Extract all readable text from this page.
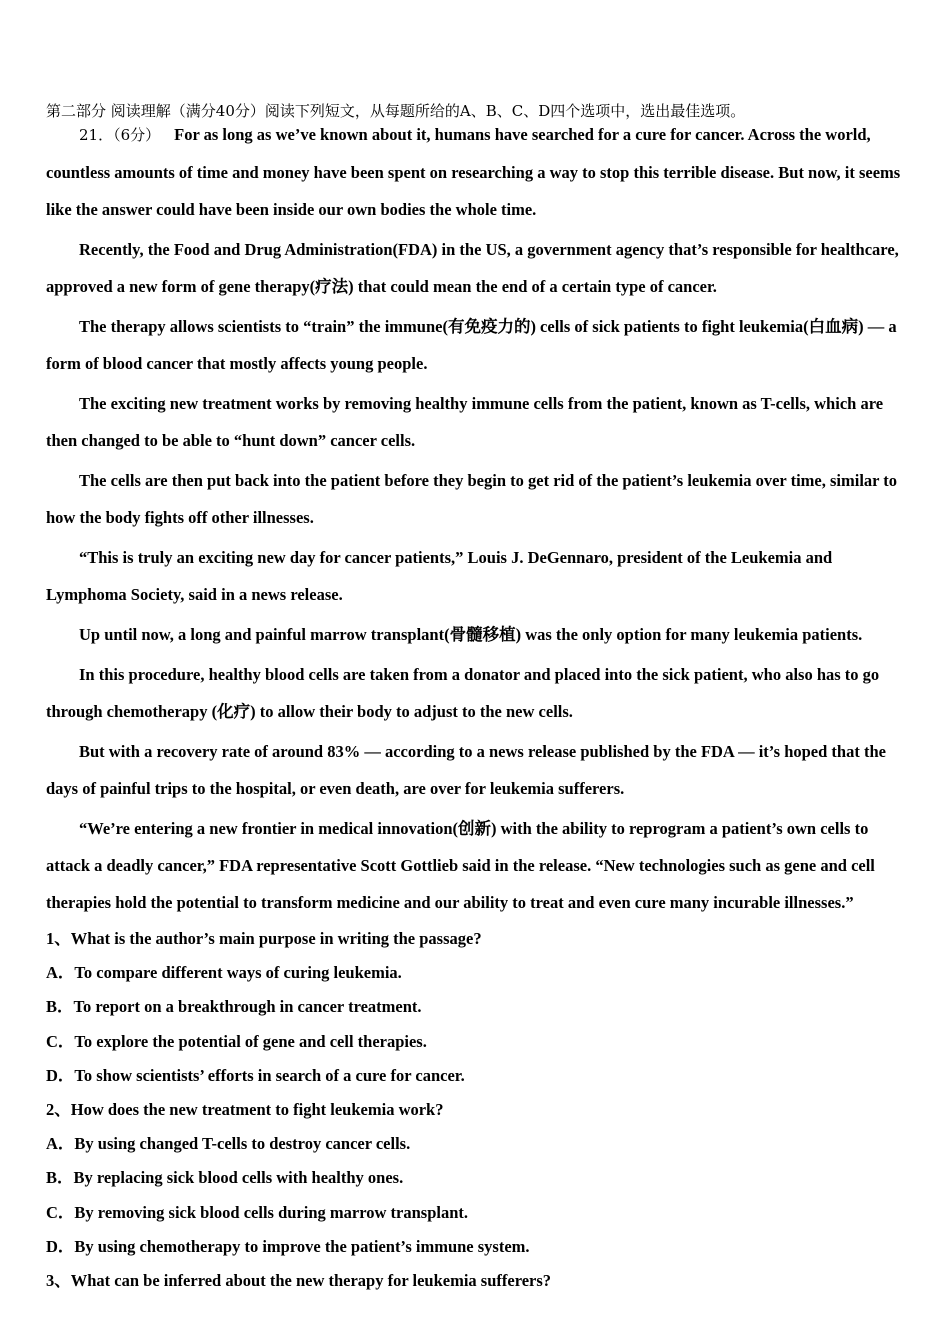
第二部分 阅读理解（满分40分）阅读下列短文，从每题所给的A、B、C、D四个选项中，选出最佳选项。

21．（6分） For as long as we’ve known about it, humans have searched for a cure for cancer. Across the world, countless amounts of time and money have been spent on researching a way to stop this terrible disease. But now, it seems like the answer could have been inside our own bodies the whole time.

Recently, the Food and Drug Administration(FDA) in the US, a government agency that’s responsible for healthcare, approved a new form of gene therapy(疗法) that could mean the end of a certain type of cancer.

The therapy allows scientists to “train” the immune(有免疫力的) cells of sick patients to fight leukemia(白血病) — a form of blood cancer that mostly affects young people.

The exciting new treatment works by removing healthy immune cells from the patient, known as T-cells, which are then changed to be able to “hunt down” cancer cells.

The cells are then put back into the patient before they begin to get rid of the patient’s leukemia over time, similar to how the body fights off other illnesses.

“This is truly an exciting new day for cancer patients,” Louis J. DeGennaro, president of the Leukemia and Lymphoma Society, said in a news release.

Up until now, a long and painful marrow transplant(骨髓移植) was the only option for many leukemia patients.

In this procedure, healthy blood cells are taken from a donator and placed into the sick patient, who also has to go through chemotherapy (化疗) to allow their body to adjust to the new cells.

But with a recovery rate of around 83% — according to a news release published by the FDA — it’s hoped that the days of painful trips to the hospital, or even death, are over for leukemia sufferers.

“We’re entering a new frontier in medical innovation(创新) with the ability to reprogram a patient’s own cells to attack a deadly cancer,” FDA representative Scott Gottlieb said in the release. “New technologies such as gene and cell therapies hold the potential to transform medicine and our ability to treat and even cure many incurable illnesses.”

1、What is the author’s main purpose in writing the passage?

A．To compare different ways of curing leukemia.

B．To report on a breakthrough in cancer treatment.

C．To explore the potential of gene and cell therapies.

D．To show scientists’ efforts in search of a cure for cancer.

2、How does the new treatment to fight leukemia work?

A．By using changed T-cells to destroy cancer cells.

B．By replacing sick blood cells with healthy ones.

C．By removing sick blood cells during marrow transplant.

D．By using chemotherapy to improve the patient’s immune system.

3、What can be inferred about the new therapy for leukemia sufferers?
